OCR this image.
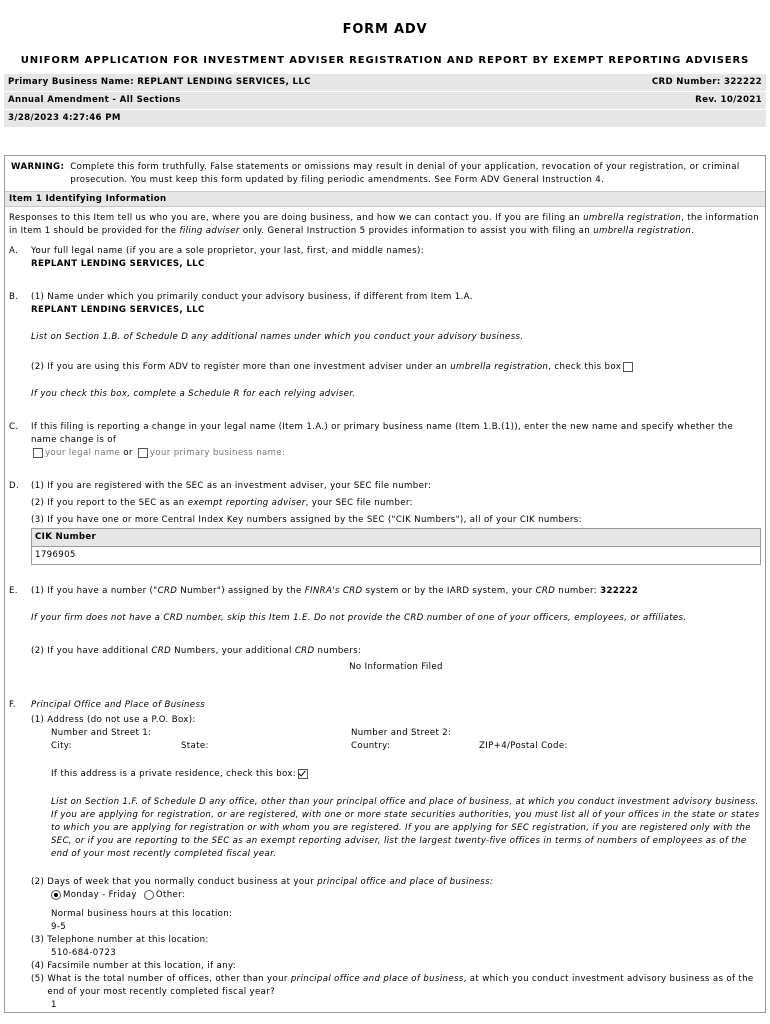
FORM ADV
UNIFORM APPLICATION FOR INVESTMENT ADVISER REGISTRATION AND REPORT BY EXEMPT REPORTING ADVISERS
Primary Business Name: REPLANT LENDING SERVICES, LLC	CRD Number: 322222
Annual Amendment - All Sections	Rev. 10/2021
3/28/2023 4:27:46 PM
WARNING: Complete this form truthfully. False statements or omissions may result in denial of your application, revocation of your registration, or criminal prosecution. You must keep this form updated by filing periodic amendments. See Form ADV General Instruction 4.
Item 1 Identifying Information
Responses to this Item tell us who you are, where you are doing business, and how we can contact you. If you are filing an umbrella registration, the information in Item 1 should be provided for the filing adviser only. General Instruction 5 provides information to assist you with filing an umbrella registration.
A.	Your full legal name (if you are a sole proprietor, your last, first, and middle names):
REPLANT LENDING SERVICES, LLC
B.	(1) Name under which you primarily conduct your advisory business, if different from Item 1.A.
REPLANT LENDING SERVICES, LLC
List on Section 1.B. of Schedule D any additional names under which you conduct your advisory business.
(2) If you are using this Form ADV to register more than one investment adviser under an umbrella registration, check this box
If you check this box, complete a Schedule R for each relying adviser.
C.	If this filing is reporting a change in your legal name (Item 1.A.) or primary business name (Item 1.B.(1)), enter the new name and specify whether the name change is of
your legal name or your primary business name:
D.	(1) If you are registered with the SEC as an investment adviser, your SEC file number:
(2) If you report to the SEC as an exempt reporting adviser, your SEC file number:
(3) If you have one or more Central Index Key numbers assigned by the SEC ("CIK Numbers"), all of your CIK numbers:
CIK Number
1796905
E.	(1) If you have a number ("CRD Number") assigned by the FINRA's CRD system or by the IARD system, your CRD number: 322222
If your firm does not have a CRD number, skip this Item 1.E. Do not provide the CRD number of one of your officers, employees, or affiliates.
(2) If you have additional CRD Numbers, your additional CRD numbers:
No Information Filed
F.	Principal Office and Place of Business
(1) Address (do not use a P.O. Box):
Number and Street 1:	Number and Street 2:
City:	State:	Country:	ZIP+4/Postal Code:
If this address is a private residence, check this box:
List on Section 1.F. of Schedule D any office, other than your principal office and place of business, at which you conduct investment advisory business. If you are applying for registration, or are registered, with one or more state securities authorities, you must list all of your offices in the state or states to which you are applying for registration or with whom you are registered. If you are applying for SEC registration, if you are registered only with the SEC, or if you are reporting to the SEC as an exempt reporting adviser, list the largest twenty-five offices in terms of numbers of employees as of the end of your most recently completed fiscal year.
(2) Days of week that you normally conduct business at your principal office and place of business:
Monday - Friday Other:
Normal business hours at this location:
9-5
(3) Telephone number at this location:
510-684-0723
(4) Facsimile number at this location, if any:
(5) What is the total number of offices, other than your principal office and place of business, at which you conduct investment advisory business as of the end of your most recently completed fiscal year?
1
